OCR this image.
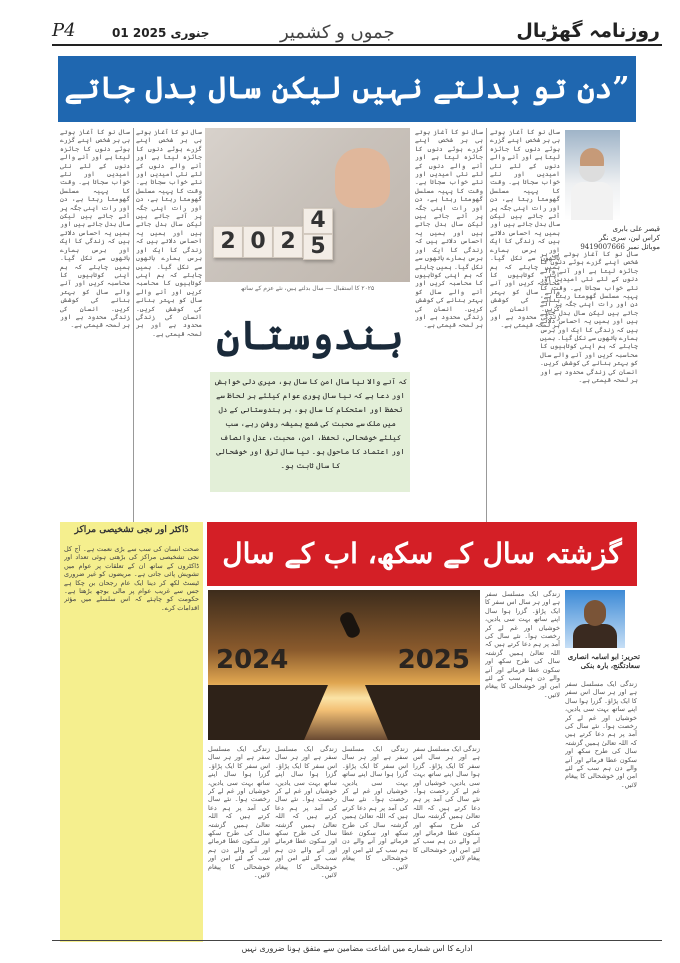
P4	01 جنوری 2025	جموں و کشمیر	روزنامہ گھڑیال
”دن تو بدلتے نہیں لیکن سال بدل جاتے
سال نو کا آغاز ہوتے ہی ہر شخص اپنے گزرے ہوئے دنوں کا جائزہ لیتا ہے اور آنے والے دنوں کے لئے نئی امیدیں اور نئے خواب سجاتا ہے۔ وقت کا پہیہ مسلسل گھومتا رہتا ہے، دن اور رات اپنی جگہ پر آتے جاتے ہیں لیکن سال بدل جاتے ہیں اور ہمیں یہ احساس دلاتے ہیں کہ زندگی کا ایک اور برس ہمارے ہاتھوں سے نکل گیا۔ ہمیں چاہئے کہ ہم اپنی کوتاہیوں کا محاسبہ کریں اور آنے والے سال کو بہتر بنانے کی کوشش کریں۔ انسان کی زندگی محدود ہے اور ہر لمحہ قیمتی ہے۔
سال نو کا آغاز ہوتے ہی ہر شخص اپنے گزرے ہوئے دنوں کا جائزہ لیتا ہے اور آنے والے دنوں کے لئے نئی امیدیں اور نئے خواب سجاتا ہے۔ وقت کا پہیہ مسلسل گھومتا رہتا ہے، دن اور رات اپنی جگہ پر آتے جاتے ہیں لیکن سال بدل جاتے ہیں اور ہمیں یہ احساس دلاتے ہیں کہ زندگی کا ایک اور برس ہمارے ہاتھوں سے نکل گیا۔ ہمیں چاہئے کہ ہم اپنی کوتاہیوں کا محاسبہ کریں اور آنے والے سال کو بہتر بنانے کی کوشش کریں۔ انسان کی زندگی محدود ہے اور ہر لمحہ قیمتی ہے۔
سال نو کا آغاز ہوتے ہی ہر شخص اپنے گزرے ہوئے دنوں کا جائزہ لیتا ہے اور آنے والے دنوں کے لئے نئی امیدیں اور نئے خواب سجاتا ہے۔ وقت کا پہیہ مسلسل گھومتا رہتا ہے، دن اور رات اپنی جگہ پر آتے جاتے ہیں لیکن سال بدل جاتے ہیں اور ہمیں یہ احساس دلاتے ہیں کہ زندگی کا ایک اور برس ہمارے ہاتھوں سے نکل گیا۔ ہمیں چاہئے کہ ہم اپنی کوتاہیوں کا محاسبہ کریں اور آنے والے سال کو بہتر بنانے کی کوشش کریں۔ انسان کی زندگی محدود ہے اور ہر لمحہ قیمتی ہے۔
قیصر علی بابری
کراس لین، سری نگر
موبائل نمبر 9419007666
2 0 2
4
5
۲۰۲۵ کا استقبال — سال بدلتے ہیں، نئے عزم کے ساتھ
سال نو کا آغاز ہوتے ہی ہر شخص اپنے گزرے ہوئے دنوں کا جائزہ لیتا ہے اور آنے والے دنوں کے لئے نئی امیدیں اور نئے خواب سجاتا ہے۔ وقت کا پہیہ مسلسل گھومتا رہتا ہے، دن اور رات اپنی جگہ پر آتے جاتے ہیں لیکن سال بدل جاتے ہیں اور ہمیں یہ احساس دلاتے ہیں کہ زندگی کا ایک اور برس ہمارے ہاتھوں سے نکل گیا۔ ہمیں چاہئے کہ ہم اپنی کوتاہیوں کا محاسبہ کریں اور آنے والے سال کو بہتر بنانے کی کوشش کریں۔ انسان کی زندگی محدود ہے اور ہر لمحہ قیمتی ہے۔
سال نو کا آغاز ہوتے ہی ہر شخص اپنے گزرے ہوئے دنوں کا جائزہ لیتا ہے اور آنے والے دنوں کے لئے نئی امیدیں اور نئے خواب سجاتا ہے۔ وقت کا پہیہ مسلسل گھومتا رہتا ہے، دن اور رات اپنی جگہ پر آتے جاتے ہیں لیکن سال بدل جاتے ہیں اور ہمیں یہ احساس دلاتے ہیں کہ زندگی کا ایک اور برس ہمارے ہاتھوں سے نکل گیا۔ ہمیں چاہئے کہ ہم اپنی کوتاہیوں کا محاسبہ کریں اور آنے والے سال کو بہتر بنانے کی کوشش کریں۔ انسان کی زندگی محدود ہے اور ہر لمحہ قیمتی ہے۔ ہندوستان
کہ آنے والا نیا سال امن کا سال ہو، میری دلی خواہش اور دعا ہے کہ نیا سال پوری عوام کیلئے ہر لحاظ سے تحفظ اور استحکام کا سال ہو، ہر ہندوستانی کے دل میں ملک سے محبت کی شمع ہمیشہ روشن رہے، سب کیلئے خوشحالی، تحفظ، امن، محبت، عدل وانصاف اور اعتماد کا ماحول ہو۔ نیا سال ترقی اور خوشحالی کا سال ثابت ہو۔
گزشتہ سال کے سکھ، اب کے سال
2024	2025	تحریر: ابو اسامہ انصاری
سعادتگنج، بارہ بنکی
زندگی ایک مسلسل سفر ہے اور ہر سال اس سفر کا ایک پڑاؤ۔ گزرا ہوا سال اپنے ساتھ بہت سی یادیں، خوشیاں اور غم لے کر رخصت ہوا۔ نئے سال کی آمد پر ہم دعا کرتے ہیں کہ اللہ تعالیٰ ہمیں گزشتہ سال کی طرح سکھ اور سکون عطا فرمائے اور آنے والے دن ہم سب کے لئے امن اور خوشحالی کا پیغام لائیں۔
زندگی ایک مسلسل سفر ہے اور ہر سال اس سفر کا ایک پڑاؤ۔ گزرا ہوا سال اپنے ساتھ بہت سی یادیں، خوشیاں اور غم لے کر رخصت ہوا۔ نئے سال کی آمد پر ہم دعا کرتے ہیں کہ اللہ تعالیٰ ہمیں گزشتہ سال کی طرح سکھ اور سکون عطا فرمائے اور آنے والے دن ہم سب کے لئے امن اور خوشحالی کا پیغام لائیں۔
زندگی ایک مسلسل سفر ہے اور ہر سال اس سفر کا ایک پڑاؤ۔ گزرا ہوا سال اپنے ساتھ بہت سی یادیں، خوشیاں اور غم لے کر رخصت ہوا۔ نئے سال کی آمد پر ہم دعا کرتے ہیں کہ اللہ تعالیٰ ہمیں گزشتہ سال کی طرح سکھ اور سکون عطا فرمائے اور آنے والے دن ہم سب کے لئے امن اور خوشحالی کا پیغام لائیں۔
زندگی ایک مسلسل سفر ہے اور ہر سال اس سفر کا ایک پڑاؤ۔ گزرا ہوا سال اپنے ساتھ بہت سی یادیں، خوشیاں اور غم لے کر رخصت ہوا۔ نئے سال کی آمد پر ہم دعا کرتے ہیں کہ اللہ تعالیٰ ہمیں گزشتہ سال کی طرح سکھ اور سکون عطا فرمائے اور آنے والے دن ہم سب کے لئے امن اور خوشحالی کا پیغام لائیں۔
زندگی ایک مسلسل سفر ہے اور ہر سال اس سفر کا ایک پڑاؤ۔ گزرا ہوا سال اپنے ساتھ بہت سی یادیں، خوشیاں اور غم لے کر رخصت ہوا۔ نئے سال کی آمد پر ہم دعا کرتے ہیں کہ اللہ تعالیٰ ہمیں گزشتہ سال کی طرح سکھ اور سکون عطا فرمائے اور آنے والے دن ہم سب کے لئے امن اور خوشحالی کا پیغام لائیں۔
زندگی ایک مسلسل سفر ہے اور ہر سال اس سفر کا ایک پڑاؤ۔ گزرا ہوا سال اپنے ساتھ بہت سی یادیں، خوشیاں اور غم لے کر رخصت ہوا۔ نئے سال کی آمد پر ہم دعا کرتے ہیں کہ اللہ تعالیٰ ہمیں گزشتہ سال کی طرح سکھ اور سکون عطا فرمائے اور آنے والے دن ہم سب کے لئے امن اور خوشحالی کا پیغام لائیں۔
ڈاکٹر اور نجی تشخیصی مراکز
صحت انسان کی سب سے بڑی نعمت ہے۔ آج کل نجی تشخیصی مراکز کی بڑھتی ہوئی تعداد اور ڈاکٹروں کے ساتھ ان کے تعلقات پر عوام میں تشویش پائی جاتی ہے۔ مریضوں کو غیر ضروری ٹیسٹ لکھ کر دینا ایک عام رجحان بن چکا ہے جس سے غریب عوام پر مالی بوجھ بڑھتا ہے۔ حکومت کو چاہئے کہ اس سلسلے میں مؤثر اقدامات کرے۔
ادارے کا اس شمارے میں اشاعت مضامین سے متفق ہونا ضروری نہیں
